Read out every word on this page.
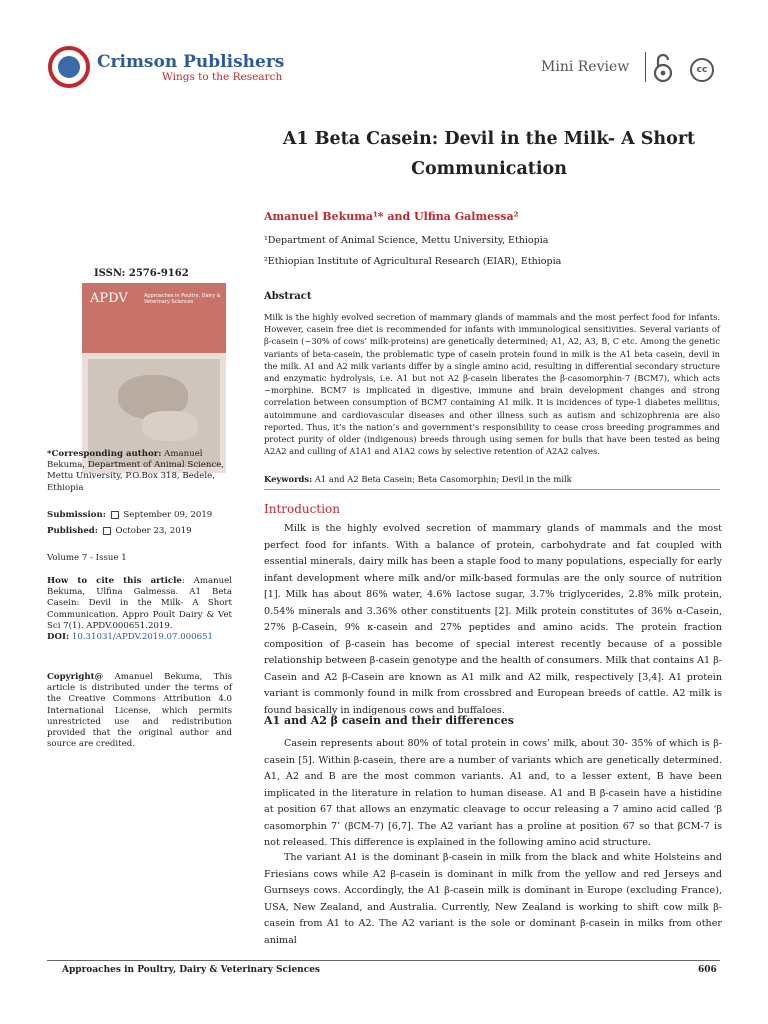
Crimson Publishers
Wings to the Research
Mini Review	cc
A1 Beta Casein: Devil in the Milk- A Short Communication
Amanuel Bekuma¹* and Ulfina Galmessa²
¹Department of Animal Science, Mettu University, Ethiopia
²Ethiopian Institute of Agricultural Research (EIAR), Ethiopia
ISSN: 2576-9162
APDV	Approaches in Poultry, Dairy & Veterinary Sciences
*Corresponding author: Amanuel Bekuma, Department of Animal Science, Mettu University, P.O.Box 318, Bedele, Ethiopia
Submission: September 09, 2019
Published: October 23, 2019
Volume 7 - Issue 1
How to cite this article: Amanuel Bekuma, Ulfina Galmessa. A1 Beta Casein: Devil in the Milk- A Short Communication. Appro Poult Dairy & Vet Sci 7(1). APDV.000651.2019.
DOI: 10.31031/APDV.2019.07.000651
Copyright@ Amanuel Bekuma, This article is distributed under the terms of the Creative Commons Attribution 4.0 International License, which permits unrestricted use and redistribution provided that the original author and source are credited.
Abstract
Milk is the highly evolved secretion of mammary glands of mammals and the most perfect food for infants. However, casein free diet is recommended for infants with immunological sensitivities. Several variants of β-casein (~30% of cows’ milk-proteins) are genetically determined; A1, A2, A3, B, C etc. Among the genetic variants of beta-casein, the problematic type of casein protein found in milk is the A1 beta casein, devil in the milk. A1 and A2 milk variants differ by a single amino acid, resulting in differential secondary structure and enzymatic hydrolysis, i.e. A1 but not A2 β-casein liberates the β-casomorphin-7 (BCM7), which acts ~morphine. BCM7 is implicated in digestive, immune and brain development changes and strong correlation between consumption of BCM7 containing A1 milk. It is incidences of type-1 diabetes mellitus, autoimmune and cardiovascular diseases and other illness such as autism and schizophrenia are also reported. Thus, it’s the nation’s and government’s responsibility to cease cross breeding programmes and protect purity of older (indigenous) breeds through using semen for bulls that have been tested as being A2A2 and culling of A1A1 and A1A2 cows by selective retention of A2A2 calves.
Keywords: A1 and A2 Beta Casein; Beta Casomorphin; Devil in the milk
Introduction
Milk is the highly evolved secretion of mammary glands of mammals and the most perfect food for infants. With a balance of protein, carbohydrate and fat coupled with essential minerals, dairy milk has been a staple food to many populations, especially for early infant development where milk and/or milk-based formulas are the only source of nutrition [1]. Milk has about 86% water, 4.6% lactose sugar, 3.7% triglycerides, 2.8% milk protein, 0.54% minerals and 3.36% other constituents [2]. Milk protein constitutes of 36% α-Casein, 27% β-Casein, 9% κ-casein and 27% peptides and amino acids. The protein fraction composition of β-casein has become of special interest recently because of a possible relationship between β-casein genotype and the health of consumers. Milk that contains A1 β-Casein and A2 β-Casein are known as A1 milk and A2 milk, respectively [3,4]. A1 protein variant is commonly found in milk from crossbred and European breeds of cattle. A2 milk is found basically in indigenous cows and buffaloes.
A1 and A2 β casein and their differences
Casein represents about 80% of total protein in cows’ milk, about 30- 35% of which is β-casein [5]. Within β-casein, there are a number of variants which are genetically determined. A1, A2 and B are the most common variants. A1 and, to a lesser extent, B have been implicated in the literature in relation to human disease. A1 and B β-casein have a histidine at position 67 that allows an enzymatic cleavage to occur releasing a 7 amino acid called ‘β casomorphin 7’ (βCM-7) [6,7]. The A2 variant has a proline at position 67 so that βCM-7 is not released. This difference is explained in the following amino acid structure.
The variant A1 is the dominant β-casein in milk from the black and white Holsteins and Friesians cows while A2 β-casein is dominant in milk from the yellow and red Jerseys and Gurnseys cows. Accordingly, the A1 β-casein milk is dominant in Europe (excluding France), USA, New Zealand, and Australia. Currently, New Zealand is working to shift cow milk β-casein from A1 to A2. The A2 variant is the sole or dominant β-casein in milks from other animal
Approaches in Poultry, Dairy & Veterinary Sciences	606
